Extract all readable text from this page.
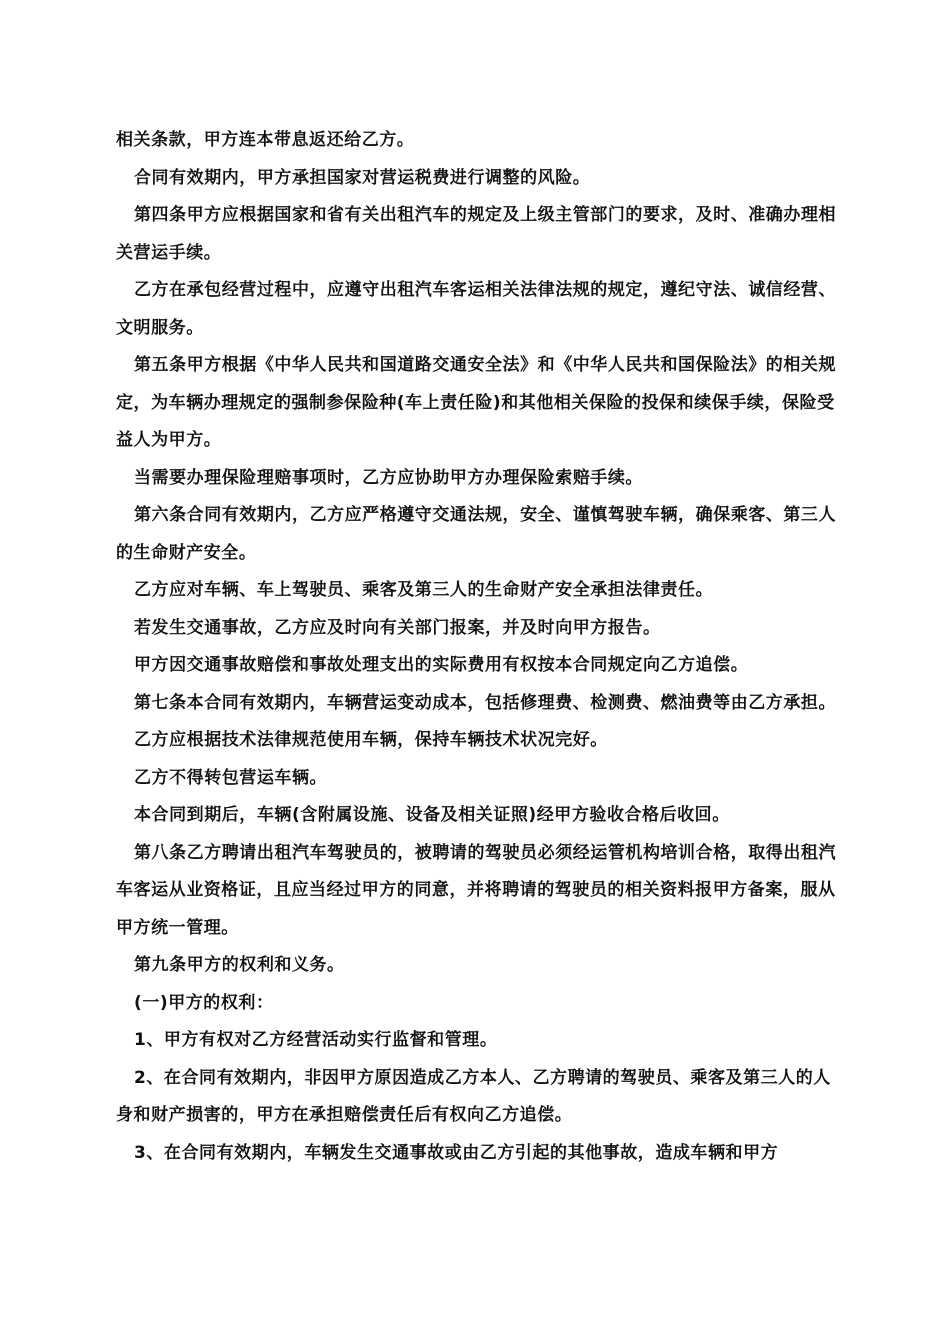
相关条款，甲方连本带息返还给乙方。

合同有效期内，甲方承担国家对营运税费进行调整的风险。

第四条甲方应根据国家和省有关出租汽车的规定及上级主管部门的要求，及时、准确办理相关营运手续。

乙方在承包经营过程中，应遵守出租汽车客运相关法律法规的规定，遵纪守法、诚信经营、文明服务。

第五条甲方根据《中华人民共和国道路交通安全法》和《中华人民共和国保险法》的相关规定，为车辆办理规定的强制参保险种(车上责任险)和其他相关保险的投保和续保手续，保险受益人为甲方。

当需要办理保险理赔事项时，乙方应协助甲方办理保险索赔手续。

第六条合同有效期内，乙方应严格遵守交通法规，安全、谨慎驾驶车辆，确保乘客、第三人的生命财产安全。

乙方应对车辆、车上驾驶员、乘客及第三人的生命财产安全承担法律责任。

若发生交通事故，乙方应及时向有关部门报案，并及时向甲方报告。

甲方因交通事故赔偿和事故处理支出的实际费用有权按本合同规定向乙方追偿。

第七条本合同有效期内，车辆营运变动成本，包括修理费、检测费、燃油费等由乙方承担。

乙方应根据技术法律规范使用车辆，保持车辆技术状况完好。

乙方不得转包营运车辆。

本合同到期后，车辆(含附属设施、设备及相关证照)经甲方验收合格后收回。

第八条乙方聘请出租汽车驾驶员的，被聘请的驾驶员必须经运管机构培训合格，取得出租汽车客运从业资格证，且应当经过甲方的同意，并将聘请的驾驶员的相关资料报甲方备案，服从甲方统一管理。

第九条甲方的权利和义务。

(一)甲方的权利：

1、甲方有权对乙方经营活动实行监督和管理。

2、在合同有效期内，非因甲方原因造成乙方本人、乙方聘请的驾驶员、乘客及第三人的人身和财产损害的，甲方在承担赔偿责任后有权向乙方追偿。

3、在合同有效期内，车辆发生交通事故或由乙方引起的其他事故，造成车辆和甲方
